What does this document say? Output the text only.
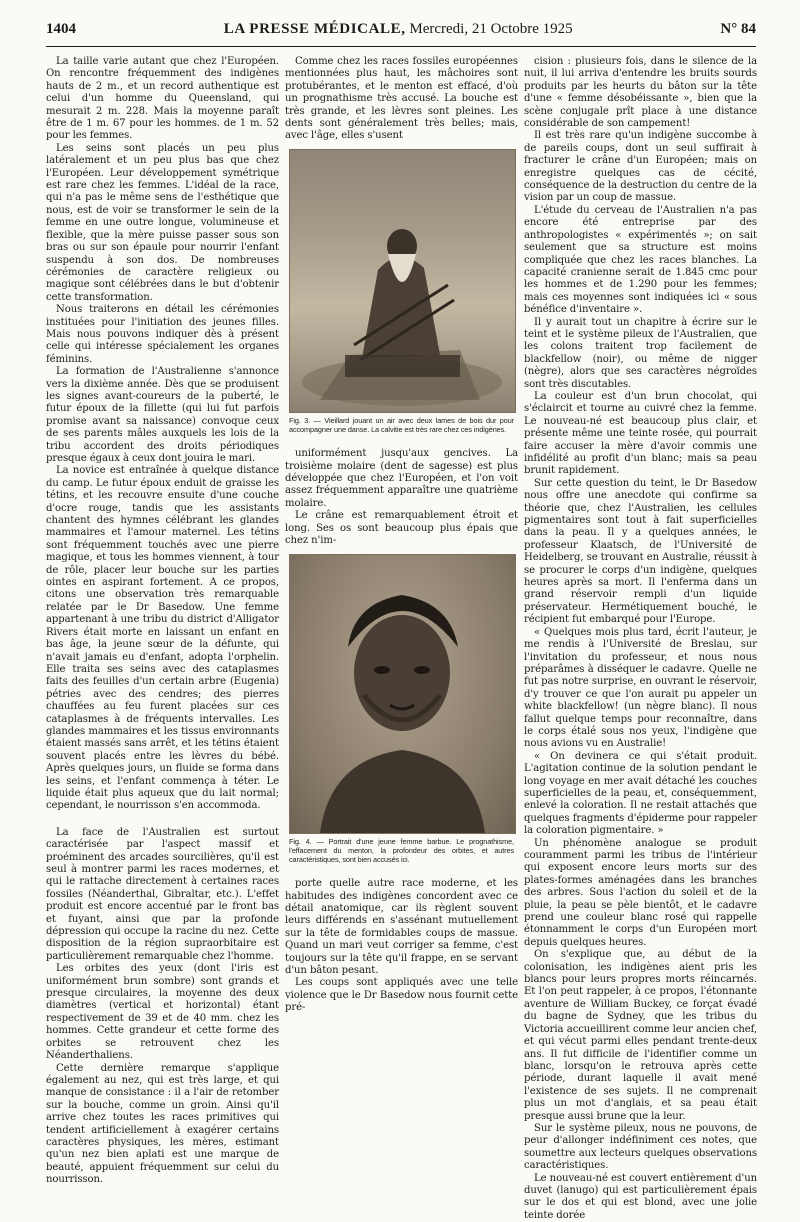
1404	LA PRESSE MÉDICALE, Mercredi, 21 Octobre 1925	N° 84

La taille varie autant que chez l'Européen. On rencontre fréquemment des indigènes hauts de 2 m., et un record authentique est celui d'un homme du Queensland, qui mesurait 2 m. 228. Mais la moyenne paraît être de 1 m. 67 pour les hommes. de 1 m. 52 pour les femmes.

Les seins sont placés un peu plus latéralement et un peu plus bas que chez l'Européen. Leur développement symétrique est rare chez les femmes. L'idéal de la race, qui n'a pas le même sens de l'esthétique que nous, est de voir se transformer le sein de la femme en une outre longue, volumineuse et flexible, que la mère puisse passer sous son bras ou sur son épaule pour nourrir l'enfant suspendu à son dos. De nombreuses cérémonies de caractère religieux ou magique sont célébrées dans le but d'obtenir cette transformation.

Nous traiterons en détail les cérémonies instituées pour l'initiation des jeunes filles. Mais nous pouvons indiquer dès à présent celle qui intéresse spécialement les organes féminins.

La formation de l'Australienne s'annonce vers la dixième année. Dès que se produisent les signes avant-coureurs de la puberté, le futur époux de la fillette (qui lui fut parfois promise avant sa naissance) convoque ceux de ses parents mâles auxquels les lois de la tribu accordent des droits périodiques presque égaux à ceux dont jouira le mari.

La novice est entraînée à quelque distance du camp. Le futur époux enduit de graisse les tétins, et les recouvre ensuite d'une couche d'ocre rouge, tandis que les assistants chantent des hymnes célébrant les glandes mammaires et l'amour maternel. Les tétins sont fréquemment touchés avec une pierre magique, et tous les hommes viennent, à tour de rôle, placer leur bouche sur les parties ointes en aspirant fortement. A ce propos, citons une observation très remarquable relatée par le Dr Basedow. Une femme appartenant à une tribu du district d'Alligator Rivers était morte en laissant un enfant en bas âge, la jeune sœur de la défunte, qui n'avait jamais eu d'enfant, adopta l'orphelin. Elle traita ses seins avec des cataplasmes faits des feuilles d'un certain arbre (Eugenia) pétries avec des cendres; des pierres chauffées au feu furent placées sur ces cataplasmes à de fréquents intervalles. Les glandes mammaires et les tissus environnants étaient massés sans arrêt, et les tétins étaient souvent placés entre les lèvres du bébé. Après quelques jours, un fluide se forma dans les seins, et l'enfant commença à téter. Le liquide était plus aqueux que du lait normal; cependant, le nourrisson s'en accommoda.

La face de l'Australien est surtout caractérisée par l'aspect massif et proéminent des arcades sourcilières, qu'il est seul à montrer parmi les races modernes, et qui le rattache directement à certaines races fossiles (Néanderthal, Gibraltar, etc.). L'effet produit est encore accentué par le front bas et fuyant, ainsi que par la profonde dépression qui occupe la racine du nez. Cette disposition de la région supraorbitaire est particulièrement remarquable chez l'homme.

Les orbites des yeux (dont l'iris est uniformément brun sombre) sont grands et presque circulaires, la moyenne des deux diamètres (vertical et horizontal) étant respectivement de 39 et de 40 mm. chez les hommes. Cette grandeur et cette forme des orbites se retrouvent chez les Néanderthaliens.

Cette dernière remarque s'applique également au nez, qui est très large, et qui manque de consistance : il a l'air de retomber sur la bouche, comme un groin. Ainsi qu'il arrive chez toutes les races primitives qui tendent artificiellement à exagérer certains caractères physiques, les mères, estimant qu'un nez bien aplati est une marque de beauté, appuient fréquemment sur celui du nourrisson.

Comme chez les races fossiles européennes mentionnées plus haut, les mâchoires sont protubérantes, et le menton est effacé, d'où un prognathisme très accusé. La bouche est très grande, et les lèvres sont pleines. Les dents sont généralement très belles; mais, avec l'âge, elles s'usent

Fig. 3. — Vieillard jouant un air avec deux lames de bois dur pour accompagner une danse. La calvitie est très rare chez ces indigènes.

uniformément jusqu'aux gencives. La troisième molaire (dent de sagesse) est plus développée que chez l'Européen, et l'on voit assez fréquemment apparaître une quatrième molaire.

Le crâne est remarquablement étroit et long. Ses os sont beaucoup plus épais que chez n'im-

Fig. 4. — Portrait d'une jeune femme barbue. Le prognathisme, l'effacement du menton, la profondeur des orbites, et autres caractéristiques, sont bien accusés ici.

porte quelle autre race moderne, et les habitudes des indigènes concordent avec ce détail anatomique, car ils règlent souvent leurs différends en s'assénant mutuellement sur la tête de formidables coups de massue. Quand un mari veut corriger sa femme, c'est toujours sur la tête qu'il frappe, en se servant d'un bâton pesant.

Les coups sont appliqués avec une telle violence que le Dr Basedow nous fournit cette pré-

cision : plusieurs fois, dans le silence de la nuit, il lui arriva d'entendre les bruits sourds produits par les heurts du bâton sur la tête d'une « femme désobéissante », bien que la scène conjugale prît place à une distance considérable de son campement!

Il est très rare qu'un indigène succombe à de pareils coups, dont un seul suffirait à fracturer le crâne d'un Européen; mais on enregistre quelques cas de cécité, conséquence de la destruction du centre de la vision par un coup de massue.

L'étude du cerveau de l'Australien n'a pas encore été entreprise par des anthropologistes « expérimentés »; on sait seulement que sa structure est moins compliquée que chez les races blanches. La capacité cranienne serait de 1.845 cmc pour les hommes et de 1.290 pour les femmes; mais ces moyennes sont indiquées ici « sous bénéfice d'inventaire ».

Il y aurait tout un chapitre à écrire sur le teint et le système pileux de l'Australien, que les colons traitent trop facilement de blackfellow (noir), ou même de nigger (nègre), alors que ses caractères négroïdes sont très discutables.

La couleur est d'un brun chocolat, qui s'éclaircit et tourne au cuivré chez la femme. Le nouveau-né est beaucoup plus clair, et présente même une teinte rosée, qui pourrait faire accuser la mère d'avoir commis une infidélité au profit d'un blanc; mais sa peau brunit rapidement.

Sur cette question du teint, le Dr Basedow nous offre une anecdote qui confirme sa théorie que, chez l'Australien, les cellules pigmentaires sont tout à fait superficielles dans la peau. Il y a quelques années, le professeur Klaatsch, de l'Université de Heidelberg, se trouvant en Australie, réussit à se procurer le corps d'un indigène, quelques heures après sa mort. Il l'enferma dans un grand réservoir rempli d'un liquide préservateur. Hermétiquement bouché, le récipient fut embarqué pour l'Europe.

« Quelques mois plus tard, écrit l'auteur, je me rendis à l'Université de Breslau, sur l'invitation du professeur, et nous nous préparâmes à disséquer le cadavre. Quelle ne fut pas notre surprise, en ouvrant le réservoir, d'y trouver ce que l'on aurait pu appeler un white blackfellow! (un nègre blanc). Il nous fallut quelque temps pour reconnaître, dans le corps étalé sous nos yeux, l'indigène que nous avions vu en Australie!

« On devinera ce qui s'était produit. L'agitation continue de la solution pendant le long voyage en mer avait détaché les couches superficielles de la peau, et, conséquemment, enlevé la coloration. Il ne restait attachés que quelques fragments d'épiderme pour rappeler la coloration pigmentaire. »

Un phénomène analogue se produit couramment parmi les tribus de l'intérieur qui exposent encore leurs morts sur des plates-formes aménagées dans les branches des arbres. Sous l'action du soleil et de la pluie, la peau se pèle bientôt, et le cadavre prend une couleur blanc rosé qui rappelle étonnamment le corps d'un Européen mort depuis quelques heures.

On s'explique que, au début de la colonisation, les indigènes aient pris les blancs pour leurs propres morts réincarnés. Et l'on peut rappeler, à ce propos, l'étonnante aventure de William Buckey, ce forçat évadé du bagne de Sydney, que les tribus du Victoria accueillirent comme leur ancien chef, et qui vécut parmi elles pendant trente-deux ans. Il fut difficile de l'identifier comme un blanc, lorsqu'on le retrouva après cette période, durant laquelle il avait mené l'existence de ses sujets. Il ne comprenait plus un mot d'anglais, et sa peau était presque aussi brune que la leur.

Sur le système pileux, nous ne pouvons, de peur d'allonger indéfiniment ces notes, que soumettre aux lecteurs quelques observations caractéristiques.

Le nouveau-né est couvert entièrement d'un duvet (lanugo) qui est particulièrement épais sur le dos et qui est blond, avec une jolie teinte dorée
